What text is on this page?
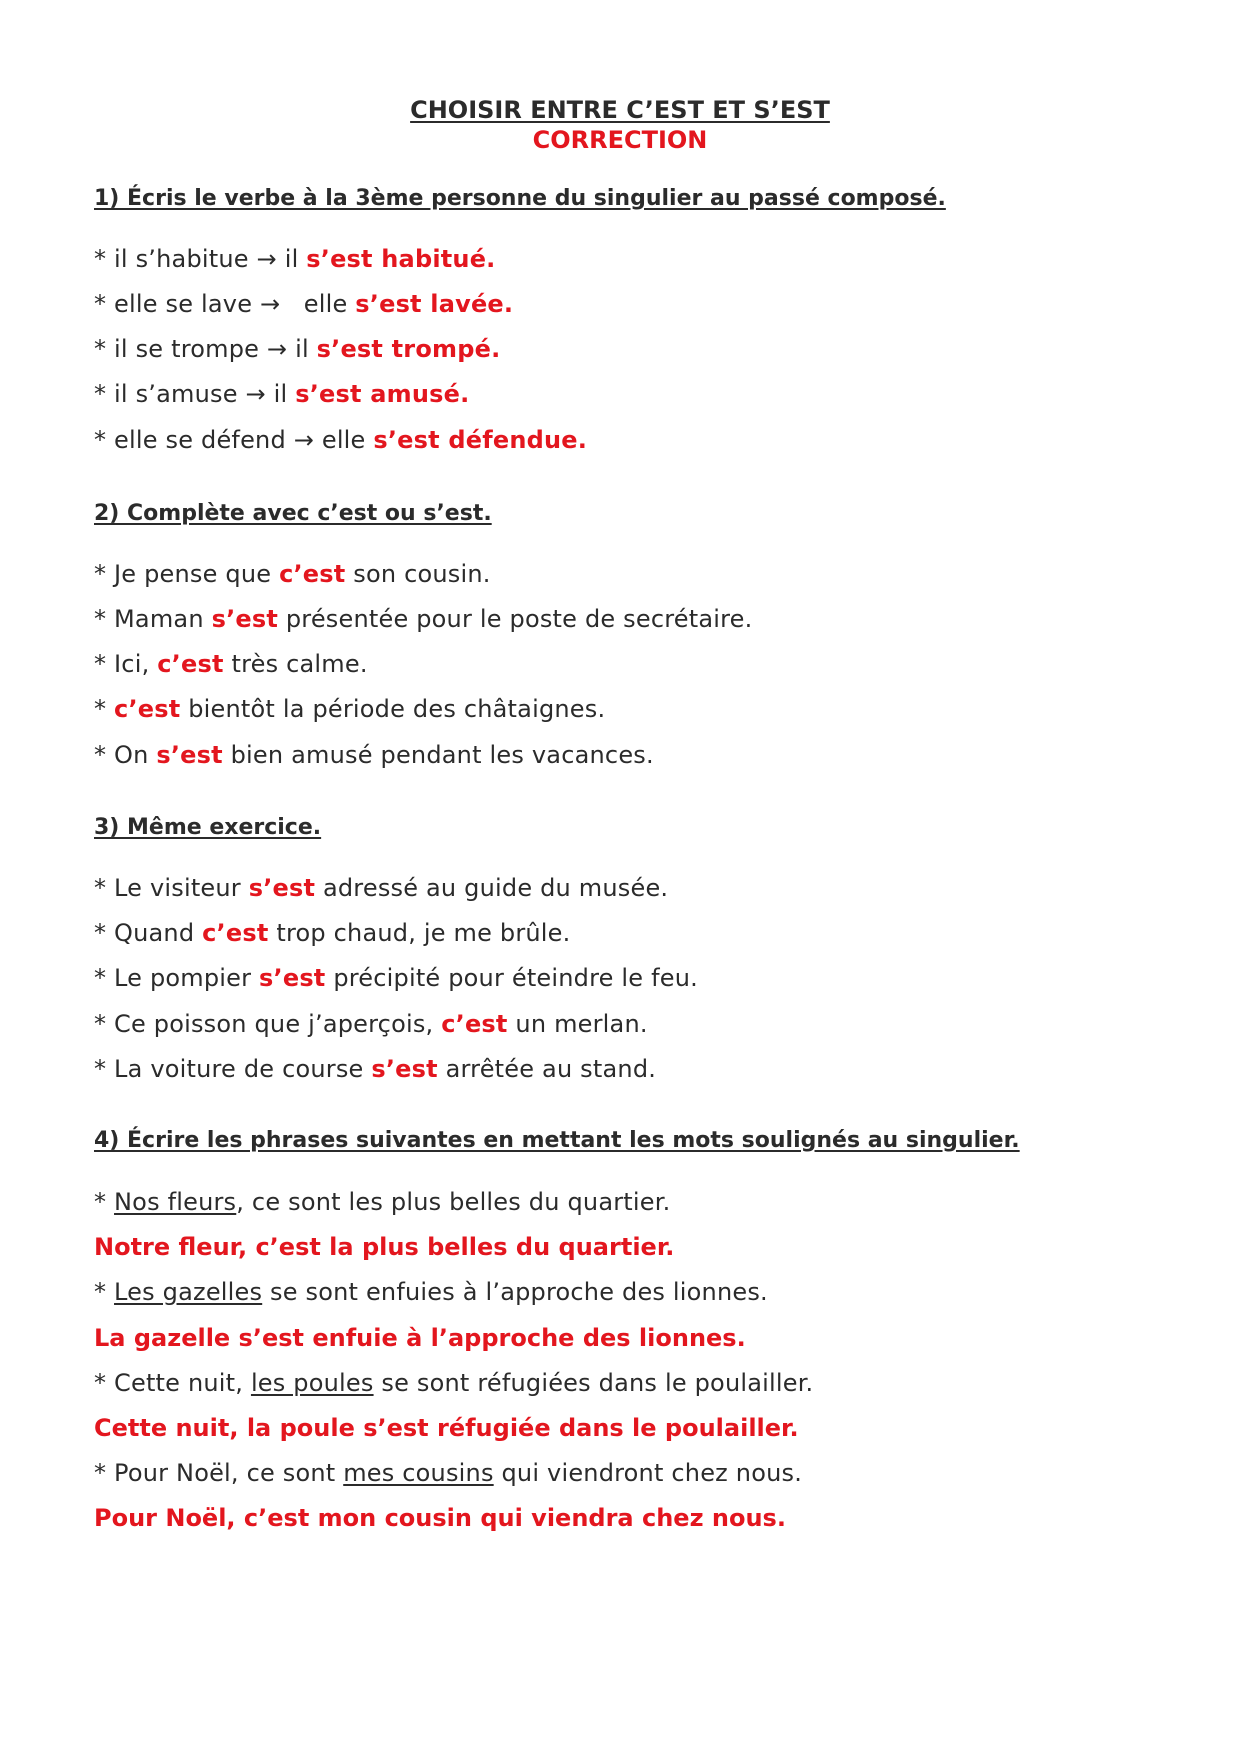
CHOISIR ENTRE C’EST ET S’EST
CORRECTION
1) Écris le verbe à la 3ème personne du singulier au passé composé.
* il s’habitue → il s’est habitué.
* elle se lave →   elle s’est lavée.
* il se trompe → il s’est trompé.
* il s’amuse → il s’est amusé.
* elle se défend → elle s’est défendue.
2) Complète avec c’est ou s’est.
* Je pense que c’est son cousin.
* Maman s’est présentée pour le poste de secrétaire.
* Ici, c’est très calme.
* c’est bientôt la période des châtaignes.
* On s’est bien amusé pendant les vacances.
3) Même exercice.
* Le visiteur s’est adressé au guide du musée.
* Quand c’est trop chaud, je me brûle.
* Le pompier s’est précipité pour éteindre le feu.
* Ce poisson que j’aperçois, c’est un merlan.
* La voiture de course s’est arrêtée au stand.
4) Écrire les phrases suivantes en mettant les mots soulignés au singulier.
* Nos fleurs, ce sont les plus belles du quartier.
Notre fleur, c’est la plus belles du quartier.
* Les gazelles se sont enfuies à l’approche des lionnes.
La gazelle s’est enfuie à l’approche des lionnes.
* Cette nuit, les poules se sont réfugiées dans le poulailler.
Cette nuit, la poule s’est réfugiée dans le poulailler.
* Pour Noël, ce sont mes cousins qui viendront chez nous.
Pour Noël, c’est mon cousin qui viendra chez nous.
